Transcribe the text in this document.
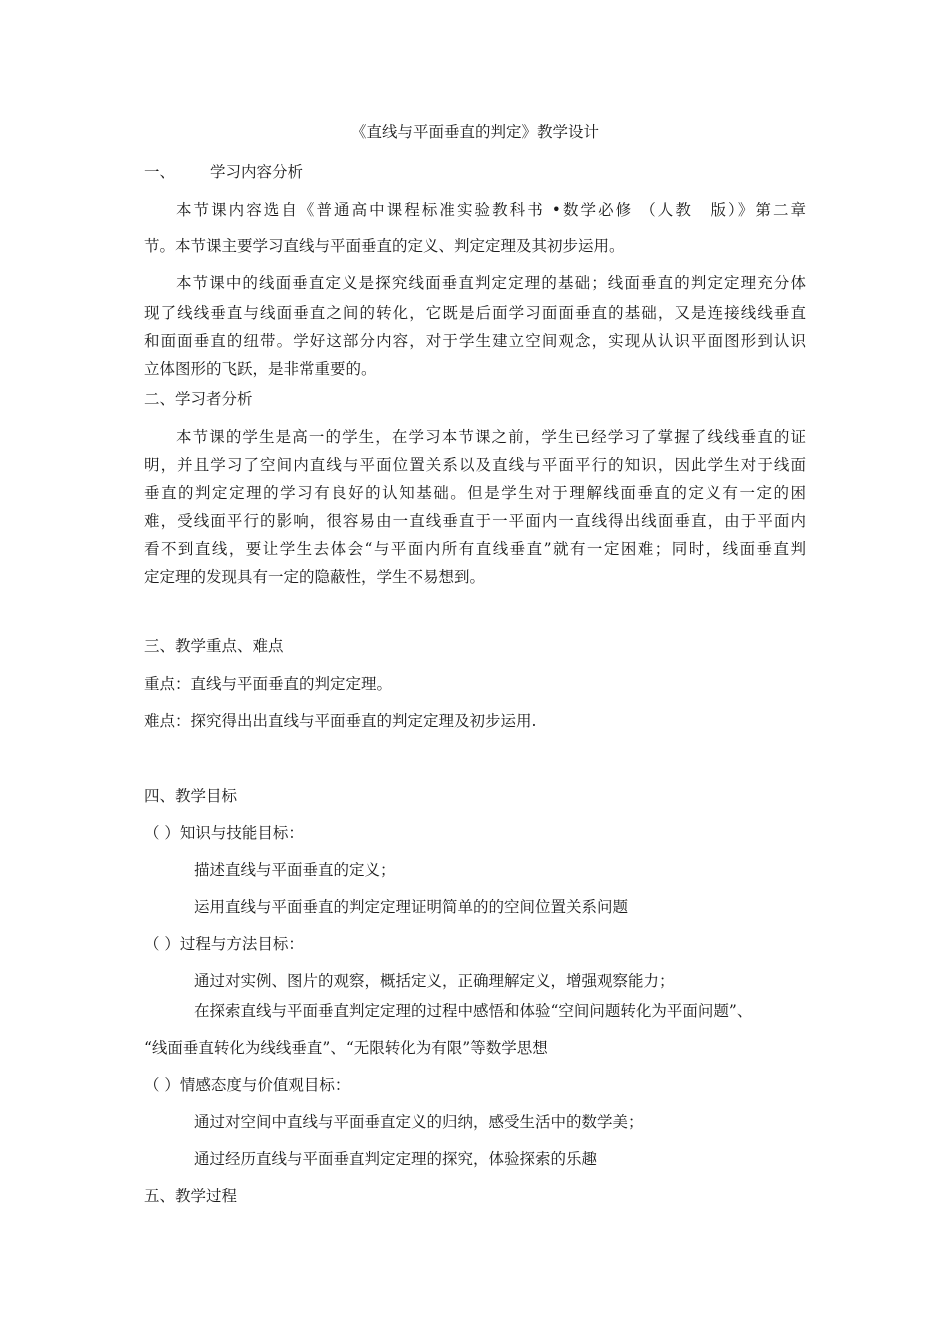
《直线与平面垂直的判定》教学设计
一、 学习内容分析
本节课内容选自《普通高中课程标准实验教科书 •数学必修 （人教　版）》第二章
节。本节课主要学习直线与平面垂直的定义、判定定理及其初步运用。
本节课中的线面垂直定义是探究线面垂直判定定理的基础；线面垂直的判定定理充分体
现了线线垂直与线面垂直之间的转化，它既是后面学习面面垂直的基础，又是连接线线垂直
和面面垂直的纽带。学好这部分内容，对于学生建立空间观念，实现从认识平面图形到认识
立体图形的飞跃，是非常重要的。
二、学习者分析
本节课的学生是高一的学生，在学习本节课之前，学生已经学习了掌握了线线垂直的证
明，并且学习了空间内直线与平面位置关系以及直线与平面平行的知识，因此学生对于线面
垂直的判定定理的学习有良好的认知基础。但是学生对于理解线面垂直的定义有一定的困
难，受线面平行的影响，很容易由一直线垂直于一平面内一直线得出线面垂直，由于平面内
看不到直线，要让学生去体会“与平面内所有直线垂直”就有一定困难；同时，线面垂直判
定定理的发现具有一定的隐蔽性，学生不易想到。
三、教学重点、难点
重点：直线与平面垂直的判定定理。
难点：探究得出出直线与平面垂直的判定定理及初步运用.
四、教学目标
（ ）知识与技能目标：
描述直线与平面垂直的定义；
运用直线与平面垂直的判定定理证明简单的的空间位置关系问题
（ ）过程与方法目标：
通过对实例、图片的观察，概括定义，正确理解定义，增强观察能力；
在探索直线与平面垂直判定定理的过程中感悟和体验“空间问题转化为平面问题”、
“线面垂直转化为线线垂直”、“无限转化为有限”等数学思想
（ ）情感态度与价值观目标：
通过对空间中直线与平面垂直定义的归纳，感受生活中的数学美；
通过经历直线与平面垂直判定定理的探究，体验探索的乐趣
五、教学过程
